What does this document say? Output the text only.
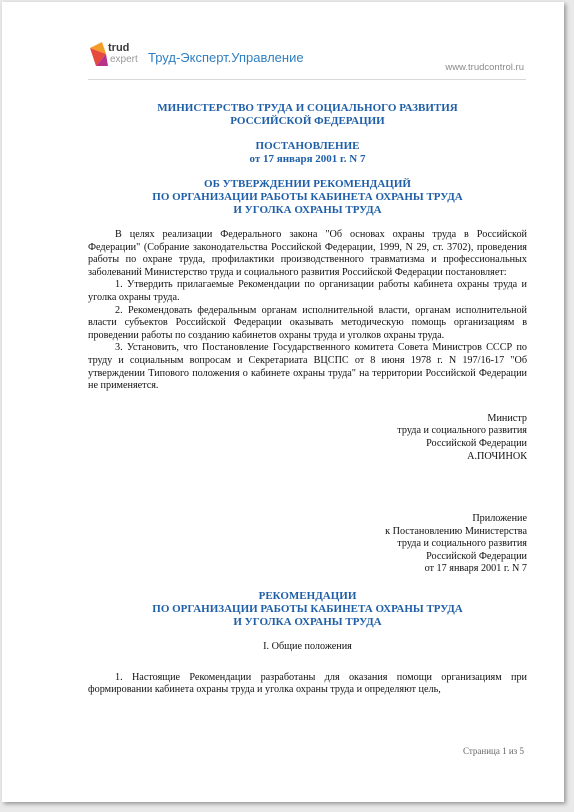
trud
expert Труд-Эксперт.Управление
www.trudcontrol.ru
МИНИСТЕРСТВО ТРУДА И СОЦИАЛЬНОГО РАЗВИТИЯ
РОССИЙСКОЙ ФЕДЕРАЦИИ
ПОСТАНОВЛЕНИЕ
от 17 января 2001 г. N 7
ОБ УТВЕРЖДЕНИИ РЕКОМЕНДАЦИЙ
ПО ОРГАНИЗАЦИИ РАБОТЫ КАБИНЕТА ОХРАНЫ ТРУДА
И УГОЛКА ОХРАНЫ ТРУДА

В целях реализации Федерального закона "Об основах охраны труда в Российской Федерации" (Собрание законодательства Российской Федерации, 1999, N 29, ст. 3702), проведения работы по охране труда, профилактики производственного травматизма и профессиональных заболеваний Министерство труда и социального развития Российской Федерации постановляет:

1. Утвердить прилагаемые Рекомендации по организации работы кабинета охраны труда и уголка охраны труда.

2. Рекомендовать федеральным органам исполнительной власти, органам исполнительной власти субъектов Российской Федерации оказывать методическую помощь организациям в проведении работы по созданию кабинетов охраны труда и уголков охраны труда.

3. Установить, что Постановление Государственного комитета Совета Министров СССР по труду и социальным вопросам и Секретариата ВЦСПС от 8 июня 1978 г. N 197/16-17 "Об утверждении Типового положения о кабинете охраны труда" на территории Российской Федерации не применяется.

Министр
труда и социального развития
Российской Федерации
А.ПОЧИНОК
Приложение
к Постановлению Министерства
труда и социального развития
Российской Федерации
от 17 января 2001 г. N 7
РЕКОМЕНДАЦИИ
ПО ОРГАНИЗАЦИИ РАБОТЫ КАБИНЕТА ОХРАНЫ ТРУДА
И УГОЛКА ОХРАНЫ ТРУДА
I. Общие положения

1. Настоящие Рекомендации разработаны для оказания помощи организациям при формировании кабинета охраны труда и уголка охраны труда и определяют цель,

Страница 1 из 5
